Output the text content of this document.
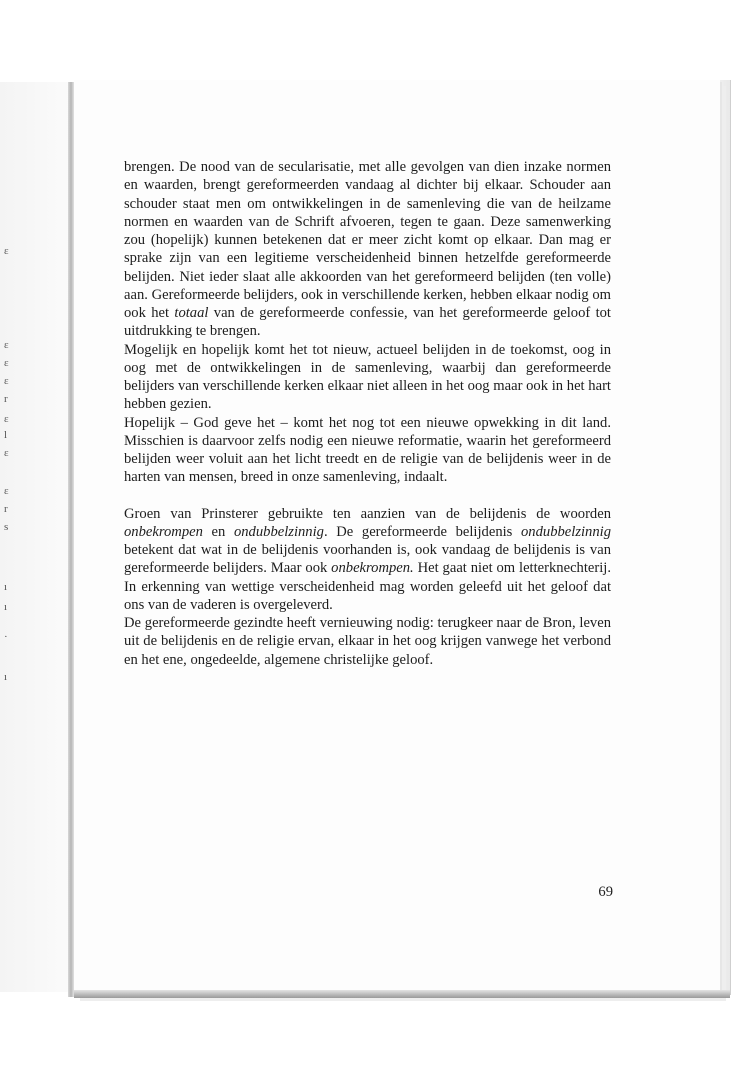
ɛ
ɛ
ɛ
ɛ
r
ɛ
l
ɛ
ɛ
r
s
ı
ı
·
ı

brengen. De nood van de secularisatie, met alle gevolgen van dien inzake normen en waarden, brengt gereformeerden vandaag al dichter bij elkaar. Schouder aan schouder staat men om ontwikkelingen in de samenleving die van de heilzame normen en waarden van de Schrift afvoeren, tegen te gaan. Deze samenwerking zou (hopelijk) kunnen betekenen dat er meer zicht komt op elkaar. Dan mag er sprake zijn van een legitieme verscheidenheid binnen hetzelfde gereformeerde belijden. Niet ieder slaat alle akkoorden van het gereformeerd belijden (ten volle) aan. Gereformeerde belijders, ook in verschillende kerken, hebben elkaar nodig om ook het totaal van de gereformeerde confessie, van het gereformeerde geloof tot uitdrukking te brengen.

Mogelijk en hopelijk komt het tot nieuw, actueel belijden in de toekomst, oog in oog met de ontwikkelingen in de samenleving, waarbij dan gereformeerde belijders van verschillende kerken elkaar niet alleen in het oog maar ook in het hart hebben gezien.

Hopelijk – God geve het – komt het nog tot een nieuwe opwekking in dit land. Misschien is daarvoor zelfs nodig een nieuwe reformatie, waarin het gereformeerd belijden weer voluit aan het licht treedt en de religie van de belijdenis weer in de harten van mensen, breed in onze samenleving, indaalt.

Groen van Prinsterer gebruikte ten aanzien van de belijdenis de woorden onbekrompen en ondubbelzinnig. De gereformeerde belijdenis ondubbelzinnig betekent dat wat in de belijdenis voorhanden is, ook vandaag de belijdenis is van gereformeerde belijders. Maar ook onbekrompen. Het gaat niet om letterknechterij. In erkenning van wettige verscheidenheid mag worden geleefd uit het geloof dat ons van de vaderen is overgeleverd.

De gereformeerde gezindte heeft vernieuwing nodig: terugkeer naar de Bron, leven uit de belijdenis en de religie ervan, elkaar in het oog krijgen vanwege het verbond en het ene, ongedeelde, algemene christelijke geloof.

69
